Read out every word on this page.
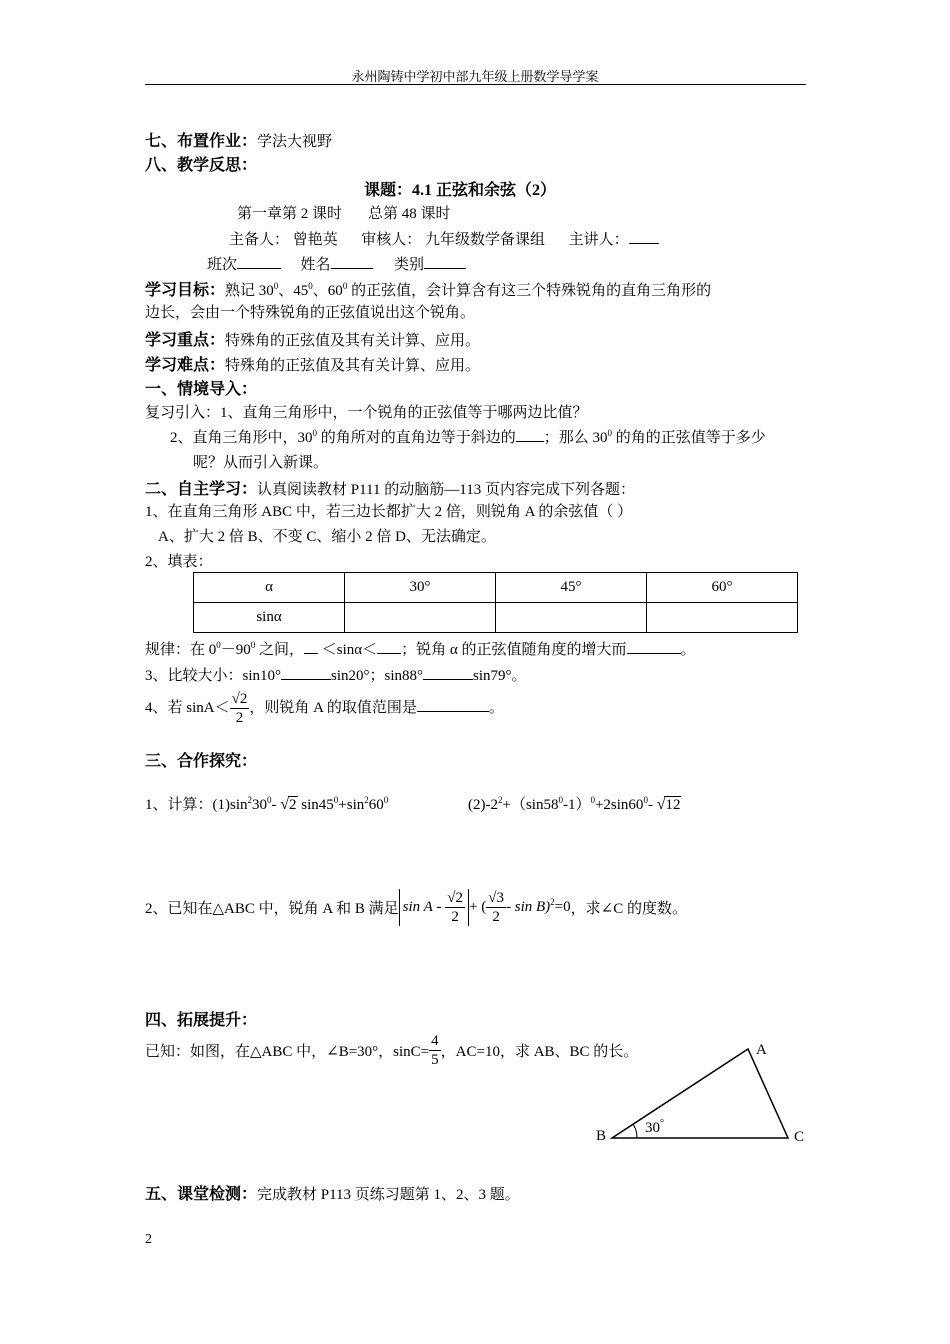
永州陶铸中学初中部九年级上册数学导学案
七、布置作业：学法大视野
八、教学反思：
课题：4.1 正弦和余弦（2）
第一章第 2 课时 总第 48 课时
主备人： 曾艳英 审核人： 九年级数学备课组 主讲人：
班次	姓名	类别
学习目标：熟记 $30^0$、$45^0$、$60^0$ 的正弦值，会计算含有这三个特殊锐角的直角三角形的
边长，会由一个特殊锐角的正弦值说出这个锐角。
学习重点：特殊角的正弦值及其有关计算、应用。
学习难点：特殊角的正弦值及其有关计算、应用。
一、情境导入：
复习引入：1、直角三角形中，一个锐角的正弦值等于哪两边比值？
2、直角三角形中，$30^0$ 的角所对的直角边等于斜边的 ；那么 $30^0$ 的角的正弦值等于多少
呢？从而引入新课。
二、自主学习：认真阅读教材 P111 的动脑筋—113 页内容完成下列各题：
1、在直角三角形 ABC 中，若三边长都扩大 2 倍，则锐角 A 的余弦值（ ）
A、扩大 2 倍 B、不变 C、缩小 2 倍 D、无法确定。
2、填表：
α	30°	45°	60°
sinα			
规律：在 $0^0-90^0$ 之间， ＜sinα＜ ；锐角 α 的正弦值随角度的增大而	。
3、比较大小：sin10°	sin20°；sin88°	sin79°。
4、若 $\sin A< \frac{√2}{2}$ ，则锐角 A 的取值范围是	。
三、合作探究：
1、计算：$(1)\sin^230^0-$ √2 $\sin 45^0+\sin^260^0$	$(2)-2^2+(\sin 58^0-1)^0+2\sin 60^0-$ √12
2、已知在△ABC 中，锐角 A 和 B 满足 sin A - $\frac{√2}{2}$ + ( $\frac{√3}{2} - \sin B)^2=0$，求∠C 的度数。
四、拓展提升：
已知：如图，在△ABC 中，∠B=30°，$\sin C= \frac{4}{5}$ ，AC=10，求 AB、BC 的长。	A
B	C
30°
五、课堂检测：完成教材 P113 页练习题第 1、2、3 题。
2
